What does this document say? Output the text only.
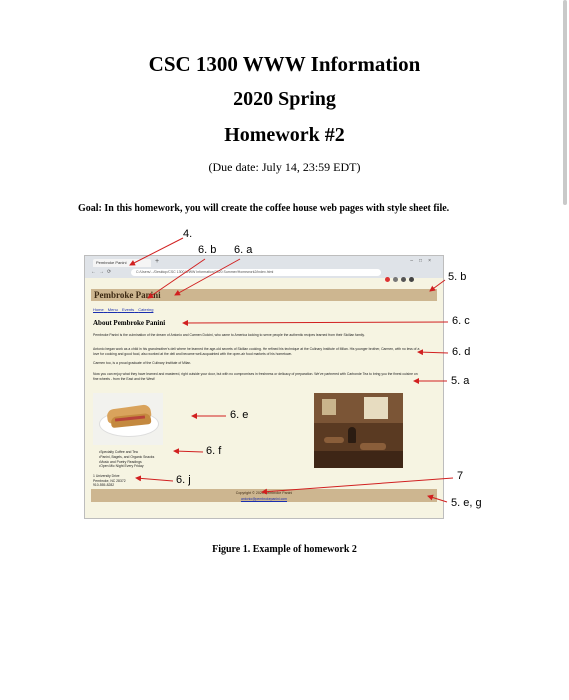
CSC 1300 WWW Information
2020 Spring
Homework #2
(Due date: July 14, 23:59 EDT)
Goal: In this homework, you will create the coffee house web pages with style sheet file.
Pembroke Panini	+	–□×
←→⟳	C:/Users/.../Desktop/CSC 1300 WWW Information/2020 Summer/Homework2/index.html
Pembroke Panini
Home Menu Events Catering
About Pembroke Panini
Pembroke Panini is the culmination of the dream of Antonio and Carmen Dolcini, who came to America looking to serve people the authentic recipes learned from their Sicilian family.
Antonio began work as a child in his grandmother's deli where he learned the age-old secrets of Sicilian cooking. He refined his technique at the Culinary Institute of Milan. His younger brother, Carmen, with no less of a love for cooking and good food, also worked at the deli and became well-acquainted with the open-air food markets of his hometown.
Carmen too, is a proud graduate of the Culinary Institute of Milan.
Now you can enjoy what they have learned and mastered, right outside your door, but with no compromises in freshness or delicacy of preparation. We've partnered with Carbonde Tea to bring you the finest cuisine on fine wheels - from the East and the West!
• Specialty Coffee and Tea
• Panini, Bagels, and Organic Snacks
• Music and Poetry Readings
• Open Mic Night Every Friday
1 University Drive
Pembroke, NC 28372
910-555-8282
Copyright © 2020 Pembroke Panini
antonio@pembrokepanini.com
4.
6. b 6. a
5. b
6. c
6. d
5. a
6. e
6. f
6. j	7
5. e, g
Figure 1. Example of homework 2
